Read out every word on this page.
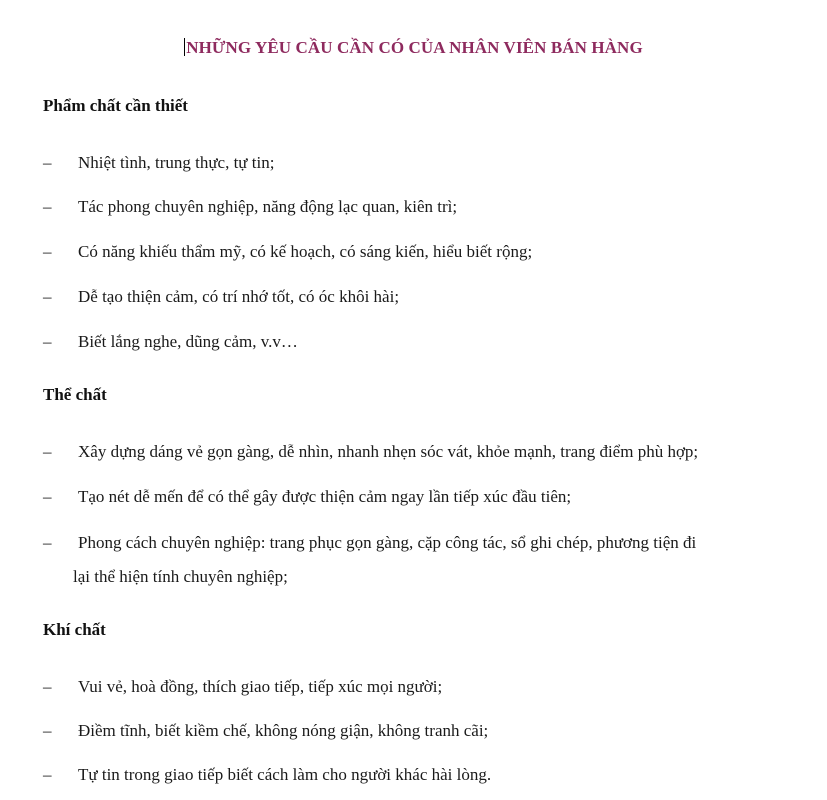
NHỮNG YÊU CẦU CẦN CÓ CỦA NHÂN VIÊN BÁN HÀNG
Phẩm chất cần thiết
–	Nhiệt tình, trung thực, tự tin;
–	Tác phong chuyên nghiệp, năng động lạc quan, kiên trì;
–	Có năng khiếu thẩm mỹ, có kế hoạch, có sáng kiến, hiểu biết rộng;
–	Dễ tạo thiện cảm, có trí nhớ tốt, có óc khôi hài;
–	Biết lắng nghe, dũng cảm, v.v…
Thể chất
–	Xây dựng dáng vẻ gọn gàng, dễ nhìn, nhanh nhẹn sóc vát, khỏe mạnh, trang điểm phù hợp;
–	Tạo nét dễ mến để có thể gây được thiện cảm ngay lần tiếp xúc đầu tiên;
–	Phong cách chuyên nghiệp: trang phục gọn gàng, cặp công tác, sổ ghi chép, phương tiện đi
lại thể hiện tính chuyên nghiệp;
Khí chất
–	Vui vẻ, hoà đồng, thích giao tiếp, tiếp xúc mọi người;
–	Điềm tĩnh, biết kiềm chế, không nóng giận, không tranh cãi;
–	Tự tin trong giao tiếp biết cách làm cho người khác hài lòng.
